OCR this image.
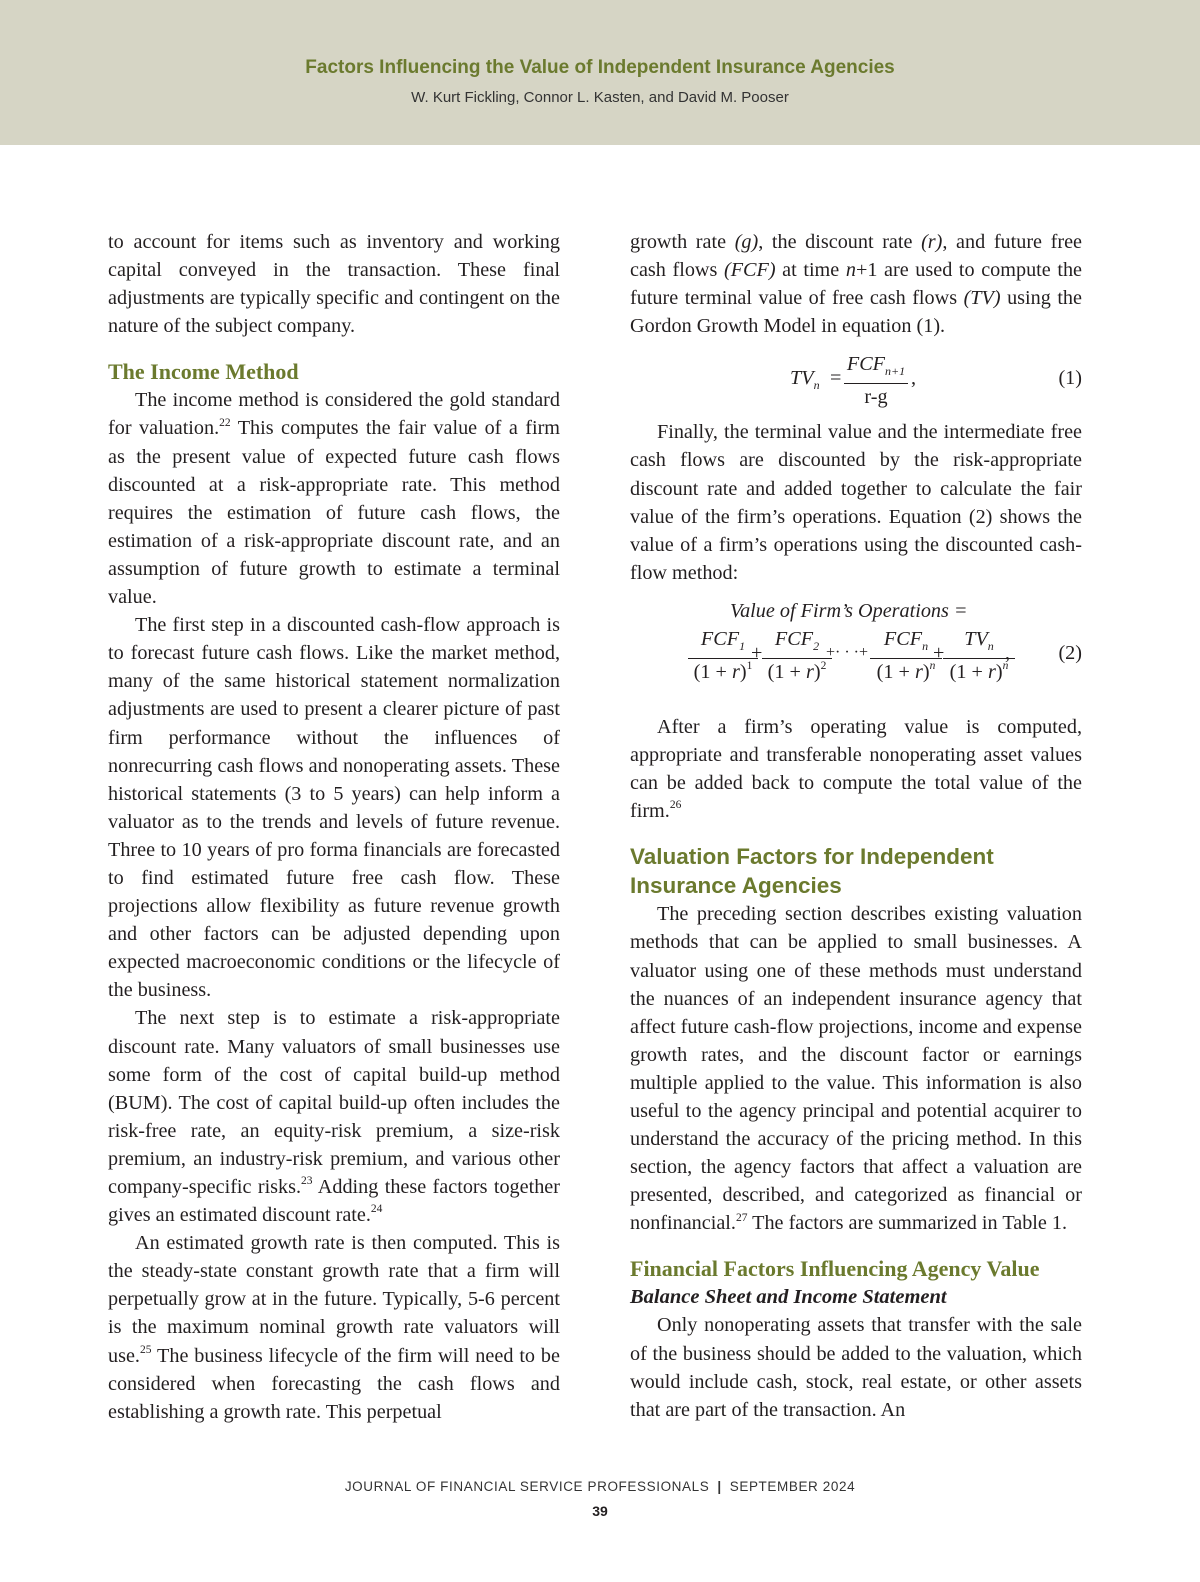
Factors Influencing the Value of Independent Insurance Agencies
W. Kurt Fickling, Connor L. Kasten, and David M. Pooser

to account for items such as inventory and working capital conveyed in the transaction. These final adjustments are typically specific and contingent on the nature of the subject company.

The Income Method

The income method is considered the gold standard for valuation.$^{22}$ This computes the fair value of a firm as the present value of expected future cash flows discounted at a risk-appropriate rate. This method requires the estimation of future cash flows, the estimation of a risk-appropriate discount rate, and an assumption of future growth to estimate a terminal value.

The first step in a discounted cash-flow approach is to forecast future cash flows. Like the market method, many of the same historical statement normalization adjustments are used to present a clearer picture of past firm performance without the influences of nonrecurring cash flows and nonoperating assets. These historical statements (3 to 5 years) can help inform a valuator as to the trends and levels of future revenue. Three to 10 years of pro forma financials are forecasted to find estimated future free cash flow. These projections allow flexibility as future revenue growth and other factors can be adjusted depending upon expected macroeconomic conditions or the lifecycle of the business.

The next step is to estimate a risk-appropriate discount rate. Many valuators of small businesses use some form of the cost of capital build-up method (BUM). The cost of capital build-up often includes the risk-free rate, an equity-risk premium, a size-risk premium, an industry-risk premium, and various other company-specific risks.$^{23}$ Adding these factors together gives an estimated discount rate.$^{24}$

An estimated growth rate is then computed. This is the steady-state constant growth rate that a firm will perpetually grow at in the future. Typically, 5-6 percent is the maximum nominal growth rate valuators will use.$^{25}$ The business lifecycle of the firm will need to be considered when forecasting the cash flows and establishing a growth rate. This perpetual

growth rate (g), the discount rate (r), and future free cash flows (FCF) at time n+1 are used to compute the future terminal value of free cash flows (TV) using the Gordon Growth Model in equation (1).

$TV_n$ =
$FCF_{n+1}$
r-g
,	(1)

Finally, the terminal value and the intermediate free cash flows are discounted by the risk-appropriate discount rate and added together to calculate the fair value of the firm’s operations. Equation (2) shows the value of a firm’s operations using the discounted cash-flow method:

Value of Firm’s Operations =
$FCF_1$
$(1 + r)^1$
+
$FCF_2$
$(1 + r)^2$
+· · ·+
$FCF_n$
$(1 + r)^n$
+
$TV_n$
$(1 + r)^n$
, (2)

After a firm’s operating value is computed, appropriate and transferable nonoperating asset values can be added back to compute the total value of the firm.$^{26}$

Valuation Factors for Independent Insurance Agencies

The preceding section describes existing valuation methods that can be applied to small businesses. A valuator using one of these methods must understand the nuances of an independent insurance agency that affect future cash-flow projections, income and expense growth rates, and the discount factor or earnings multiple applied to the value. This information is also useful to the agency principal and potential acquirer to understand the accuracy of the pricing method. In this section, the agency factors that affect a valuation are presented, described, and categorized as financial or nonfinancial.$^{27}$ The factors are summarized in Table 1.

Financial Factors Influencing Agency Value
Balance Sheet and Income Statement

Only nonoperating assets that transfer with the sale of the business should be added to the valuation, which would include cash, stock, real estate, or other assets that are part of the transaction. An

JOURNAL OF FINANCIAL SERVICE PROFESSIONALS | SEPTEMBER 2024
39
